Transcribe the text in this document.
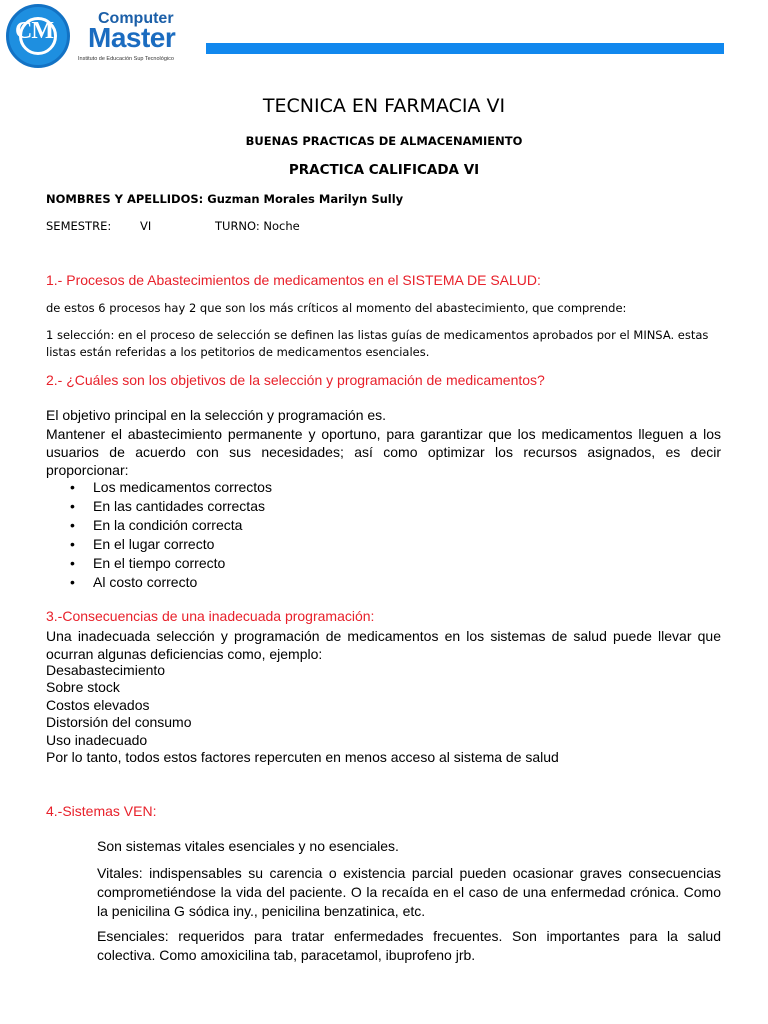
CM	Computer
Master
Instituto de Educación Sup Tecnológico
TECNICA EN FARMACIA VI
BUENAS PRACTICAS DE ALMACENAMIENTO
PRACTICA CALIFICADA VI
NOMBRES Y APELLIDOS: Guzman Morales Marilyn Sully
SEMESTRE:	VI	TURNO: Noche
1.- Procesos de Abastecimientos de medicamentos en el SISTEMA DE SALUD:
de estos 6 procesos hay 2 que son los más críticos al momento del abastecimiento, que comprende:
1 selección: en el proceso de selección se definen las listas guías de medicamentos aprobados por el MINSA. estas
listas están referidas a los petitorios de medicamentos esenciales.
2.- ¿Cuáles son los objetivos de la selección y programación de medicamentos?
El objetivo principal en la selección y programación es.
Mantener el abastecimiento permanente y oportuno, para garantizar que los medicamentos lleguen a los usuarios de acuerdo con sus necesidades; así como optimizar los recursos asignados, es decir proporcionar:
• Los medicamentos correctos
• En las cantidades correctas
• En la condición correcta
• En el lugar correcto
• En el tiempo correcto
• Al costo correcto
3.-Consecuencias de una inadecuada programación:
Una inadecuada selección y programación de medicamentos en los sistemas de salud puede llevar que ocurran algunas deficiencias como, ejemplo:
Desabastecimiento
Sobre stock
Costos elevados
Distorsión del consumo
Uso inadecuado
Por lo tanto, todos estos factores repercuten en menos acceso al sistema de salud
4.-Sistemas VEN:
Son sistemas vitales esenciales y no esenciales.
Vitales: indispensables su carencia o existencia parcial pueden ocasionar graves consecuencias comprometiéndose la vida del paciente. O la recaída en el caso de una enfermedad crónica. Como la penicilina G sódica iny., penicilina benzatinica, etc.
Esenciales: requeridos para tratar enfermedades frecuentes. Son importantes para la salud colectiva. Como amoxicilina tab, paracetamol, ibuprofeno jrb.
